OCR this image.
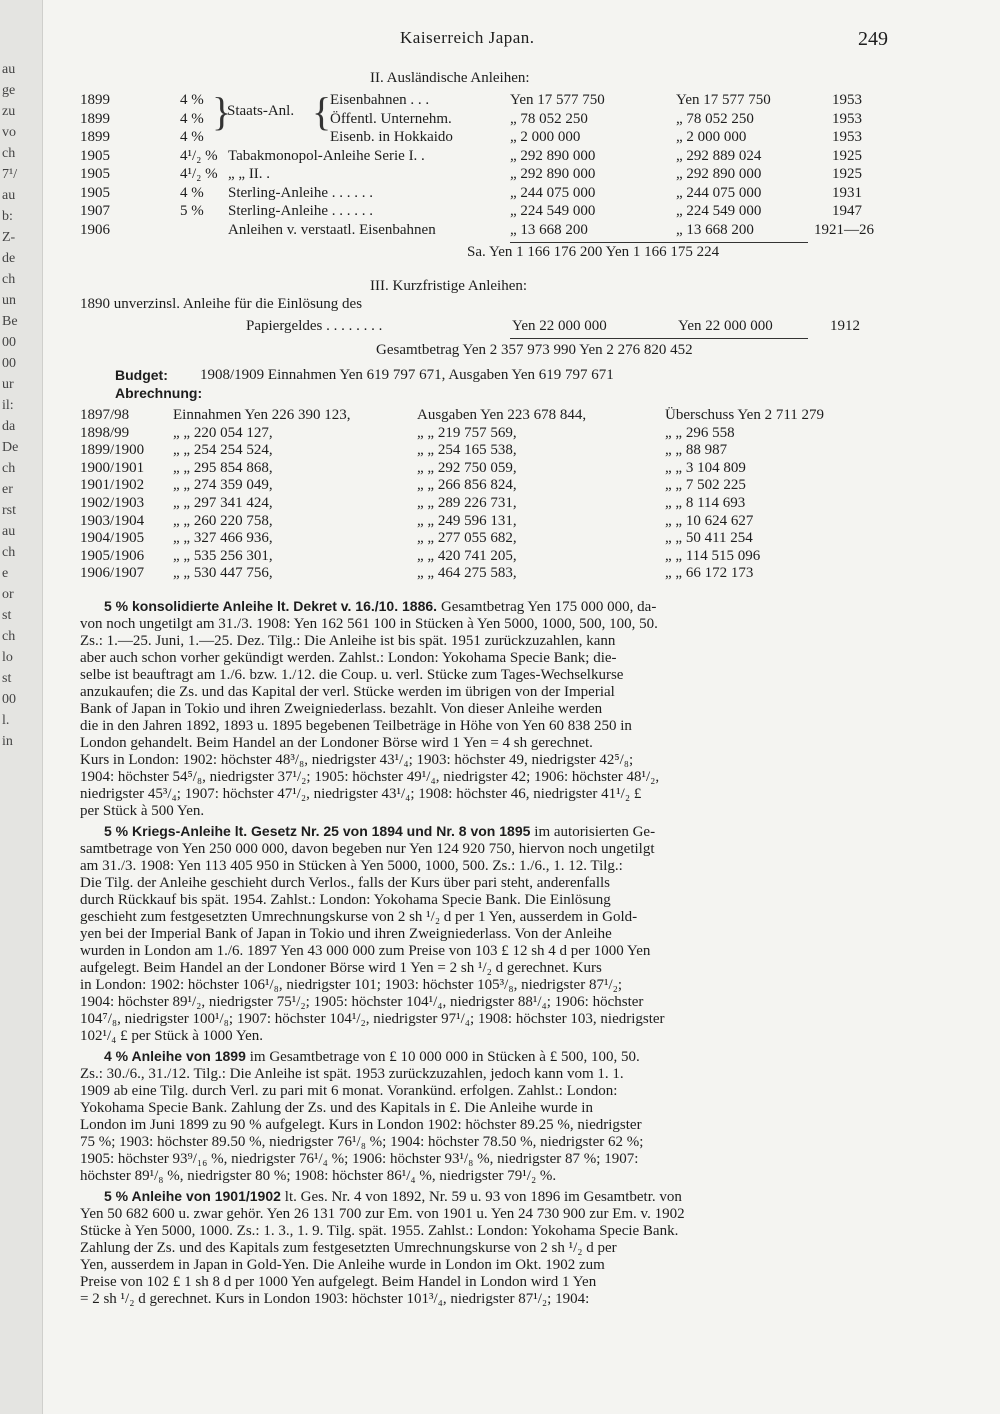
au
ge
zu
vo
ch
7¹/
au
b:
Z-
de
ch
un
Be
00
00
ur
il:
da
De
ch
er
rst
au
ch
e
or
st
ch
lo
st
00
l.
in
Kaiserreich Japan.	249
II. Ausländische Anleihen:
1899	4 %	Eisenbahnen . . .	Yen 17 577 750	Yen 17 577 750	1953
1899	4 %	Öffentl. Unternehm.	„ 78 052 250	„ 78 052 250	1953
1899	4 %	Eisenb. in Hokkaido	„ 2 000 000	„ 2 000 000	1953
1905	4¹/₂ % Tabakmonopol-Anleihe Serie I. .	„ 292 890 000	„ 292 889 024	1925
1905	4¹/₂ % „ „ II. .	„ 292 890 000	„ 292 890 000	1925
1905	4 % Sterling-Anleihe . . . . . .	„ 244 075 000	„ 244 075 000	1931
1907	5 % Sterling-Anleihe . . . . . .	„ 224 549 000	„ 224 549 000	1947
1906	Anleihen v. verstaatl. Eisenbahnen	„ 13 668 200	„ 13 668 200	1921—26
Staats-Anl.
} {
Sa. Yen 1 166 176 200 Yen 1 166 175 224
III. Kurzfristige Anleihen:
1890 unverzinsl. Anleihe für die Einlösung des
Papiergeldes . . . . . . . .	Yen 22 000 000	Yen 22 000 000	1912
Gesamtbetrag Yen 2 357 973 990 Yen 2 276 820 452
Budget: 1908/1909 Einnahmen Yen 619 797 671, Ausgaben Yen 619 797 671
Abrechnung:
1897/98	Einnahmen Yen 226 390 123,	Ausgaben Yen 223 678 844,	Überschuss Yen 2 711 279
1898/99	„ „ 220 054 127,	„ „ 219 757 569,	„ „ 296 558
1899/1900 „ „ 254 254 524,	„ „ 254 165 538,	„ „ 88 987
1900/1901 „ „ 295 854 868,	„ „ 292 750 059,	„ „ 3 104 809
1901/1902 „ „ 274 359 049,	„ „ 266 856 824,	„ „ 7 502 225
1902/1903 „ „ 297 341 424,	„ „ 289 226 731,	„ „ 8 114 693
1903/1904 „ „ 260 220 758,	„ „ 249 596 131,	„ „ 10 624 627
1904/1905 „ „ 327 466 936,	„ „ 277 055 682,	„ „ 50 411 254
1905/1906 „ „ 535 256 301,	„ „ 420 741 205,	„ „ 114 515 096
1906/1907 „ „ 530 447 756,	„ „ 464 275 583,	„ „ 66 172 173
5 % konsolidierte Anleihe lt. Dekret v. 16./10. 1886. Gesamtbetrag Yen 175 000 000, da-
von noch ungetilgt am 31./3. 1908: Yen 162 561 100 in Stücken à Yen 5000, 1000, 500, 100, 50.
Zs.: 1.—25. Juni, 1.—25. Dez. Tilg.: Die Anleihe ist bis spät. 1951 zurückzuzahlen, kann
aber auch schon vorher gekündigt werden. Zahlst.: London: Yokohama Specie Bank; die-
selbe ist beauftragt am 1./6. bzw. 1./12. die Coup. u. verl. Stücke zum Tages-Wechselkurse
anzukaufen; die Zs. und das Kapital der verl. Stücke werden im übrigen von der Imperial
Bank of Japan in Tokio und ihren Zweigniederlass. bezahlt. Von dieser Anleihe werden
die in den Jahren 1892, 1893 u. 1895 begebenen Teilbeträge in Höhe von Yen 60 838 250 in
London gehandelt. Beim Handel an der Londoner Börse wird 1 Yen = 4 sh gerechnet.
Kurs in London: 1902: höchster 48³/₈, niedrigster 43¹/₄; 1903: höchster 49, niedrigster 42⁵/₈;
1904: höchster 54⁵/₈, niedrigster 37¹/₂; 1905: höchster 49¹/₄, niedrigster 42; 1906: höchster 48¹/₂,
niedrigster 45³/₄; 1907: höchster 47¹/₂, niedrigster 43¹/₄; 1908: höchster 46, niedrigster 41¹/₂ £
per Stück à 500 Yen.
5 % Kriegs-Anleihe lt. Gesetz Nr. 25 von 1894 und Nr. 8 von 1895 im autorisierten Ge-
samtbetrage von Yen 250 000 000, davon begeben nur Yen 124 920 750, hiervon noch ungetilgt
am 31./3. 1908: Yen 113 405 950 in Stücken à Yen 5000, 1000, 500. Zs.: 1./6., 1. 12. Tilg.:
Die Tilg. der Anleihe geschieht durch Verlos., falls der Kurs über pari steht, anderenfalls
durch Rückkauf bis spät. 1954. Zahlst.: London: Yokohama Specie Bank. Die Einlösung
geschieht zum festgesetzten Umrechnungskurse von 2 sh ¹/₂ d per 1 Yen, ausserdem in Gold-
yen bei der Imperial Bank of Japan in Tokio und ihren Zweigniederlass. Von der Anleihe
wurden in London am 1./6. 1897 Yen 43 000 000 zum Preise von 103 £ 12 sh 4 d per 1000 Yen
aufgelegt. Beim Handel an der Londoner Börse wird 1 Yen = 2 sh ¹/₂ d gerechnet. Kurs
in London: 1902: höchster 106¹/₈, niedrigster 101; 1903: höchster 105³/₈, niedrigster 87¹/₂;
1904: höchster 89¹/₂, niedrigster 75¹/₂; 1905: höchster 104¹/₄, niedrigster 88¹/₄; 1906: höchster
104⁷/₈, niedrigster 100¹/₈; 1907: höchster 104¹/₂, niedrigster 97¹/₄; 1908: höchster 103, niedrigster
102¹/₄ £ per Stück à 1000 Yen.
4 % Anleihe von 1899 im Gesamtbetrage von £ 10 000 000 in Stücken à £ 500, 100, 50.
Zs.: 30./6., 31./12. Tilg.: Die Anleihe ist spät. 1953 zurückzuzahlen, jedoch kann vom 1. 1.
1909 ab eine Tilg. durch Verl. zu pari mit 6 monat. Vorankünd. erfolgen. Zahlst.: London:
Yokohama Specie Bank. Zahlung der Zs. und des Kapitals in £. Die Anleihe wurde in
London im Juni 1899 zu 90 % aufgelegt. Kurs in London 1902: höchster 89.25 %, niedrigster
75 %; 1903: höchster 89.50 %, niedrigster 76¹/₈ %; 1904: höchster 78.50 %, niedrigster 62 %;
1905: höchster 93⁹/₁₆ %, niedrigster 76¹/₄ %; 1906: höchster 93¹/₈ %, niedrigster 87 %; 1907:
höchster 89¹/₈ %, niedrigster 80 %; 1908: höchster 86¹/₄ %, niedrigster 79¹/₂ %.
5 % Anleihe von 1901/1902 lt. Ges. Nr. 4 von 1892, Nr. 59 u. 93 von 1896 im Gesamtbetr. von
Yen 50 682 600 u. zwar gehör. Yen 26 131 700 zur Em. von 1901 u. Yen 24 730 900 zur Em. v. 1902
Stücke à Yen 5000, 1000. Zs.: 1. 3., 1. 9. Tilg. spät. 1955. Zahlst.: London: Yokohama Specie Bank.
Zahlung der Zs. und des Kapitals zum festgesetzten Umrechnungskurse von 2 sh ¹/₂ d per
Yen, ausserdem in Japan in Gold-Yen. Die Anleihe wurde in London im Okt. 1902 zum
Preise von 102 £ 1 sh 8 d per 1000 Yen aufgelegt. Beim Handel in London wird 1 Yen
= 2 sh ¹/₂ d gerechnet. Kurs in London 1903: höchster 101³/₄, niedrigster 87¹/₂; 1904:
